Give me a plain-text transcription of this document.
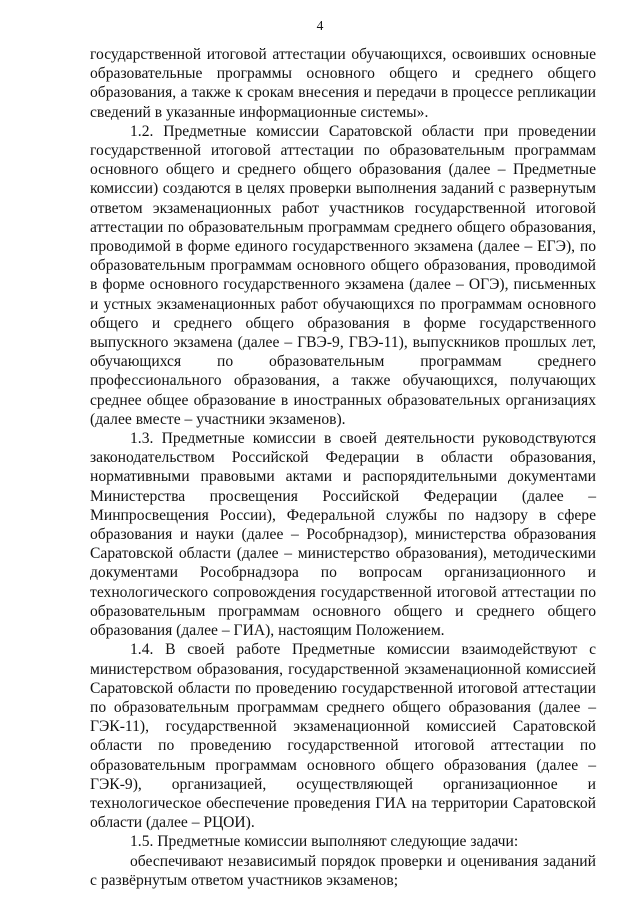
4

государственной итоговой аттестации обучающихся, освоивших основные образовательные программы основного общего и среднего общего образования, а также к срокам внесения и передачи в процессе репликации сведений в указанные информационные системы».

1.2. Предметные комиссии Саратовской области при проведении государственной итоговой аттестации по образовательным программам основного общего и среднего общего образования (далее – Предметные комиссии) создаются в целях проверки выполнения заданий с развернутым ответом экзаменационных работ участников государственной итоговой аттестации по образовательным программам среднего общего образования, проводимой в форме единого государственного экзамена (далее – ЕГЭ), по образовательным программам основного общего образования, проводимой в форме основного государственного экзамена (далее – ОГЭ), письменных и устных экзаменационных работ обучающихся по программам основного общего и среднего общего образования в форме государственного выпускного экзамена (далее – ГВЭ-9, ГВЭ-11), выпускников прошлых лет, обучающихся по образовательным программам среднего профессионального образования, а также обучающихся, получающих среднее общее образование в иностранных образовательных организациях (далее вместе – участники экзаменов).

1.3. Предметные комиссии в своей деятельности руководствуются законодательством Российской Федерации в области образования, нормативными правовыми актами и распорядительными документами Министерства просвещения Российской Федерации (далее – Минпросвещения России), Федеральной службы по надзору в сфере образования и науки (далее – Рособрнадзор), министерства образования Саратовской области (далее – министерство образования), методическими документами Рособрнадзора по вопросам организационного и технологического сопровождения государственной итоговой аттестации по образовательным программам основного общего и среднего общего образования (далее – ГИА), настоящим Положением.

1.4. В своей работе Предметные комиссии взаимодействуют с министерством образования, государственной экзаменационной комиссией Саратовской области по проведению государственной итоговой аттестации по образовательным программам среднего общего образования (далее – ГЭК-11), государственной экзаменационной комиссией Саратовской области по проведению государственной итоговой аттестации по образовательным программам основного общего образования (далее – ГЭК-9), организацией, осуществляющей организационное и технологическое обеспечение проведения ГИА на территории Саратовской области (далее – РЦОИ).

1.5. Предметные комиссии выполняют следующие задачи:

обеспечивают независимый порядок проверки и оценивания заданий с развёрнутым ответом участников экзаменов;
